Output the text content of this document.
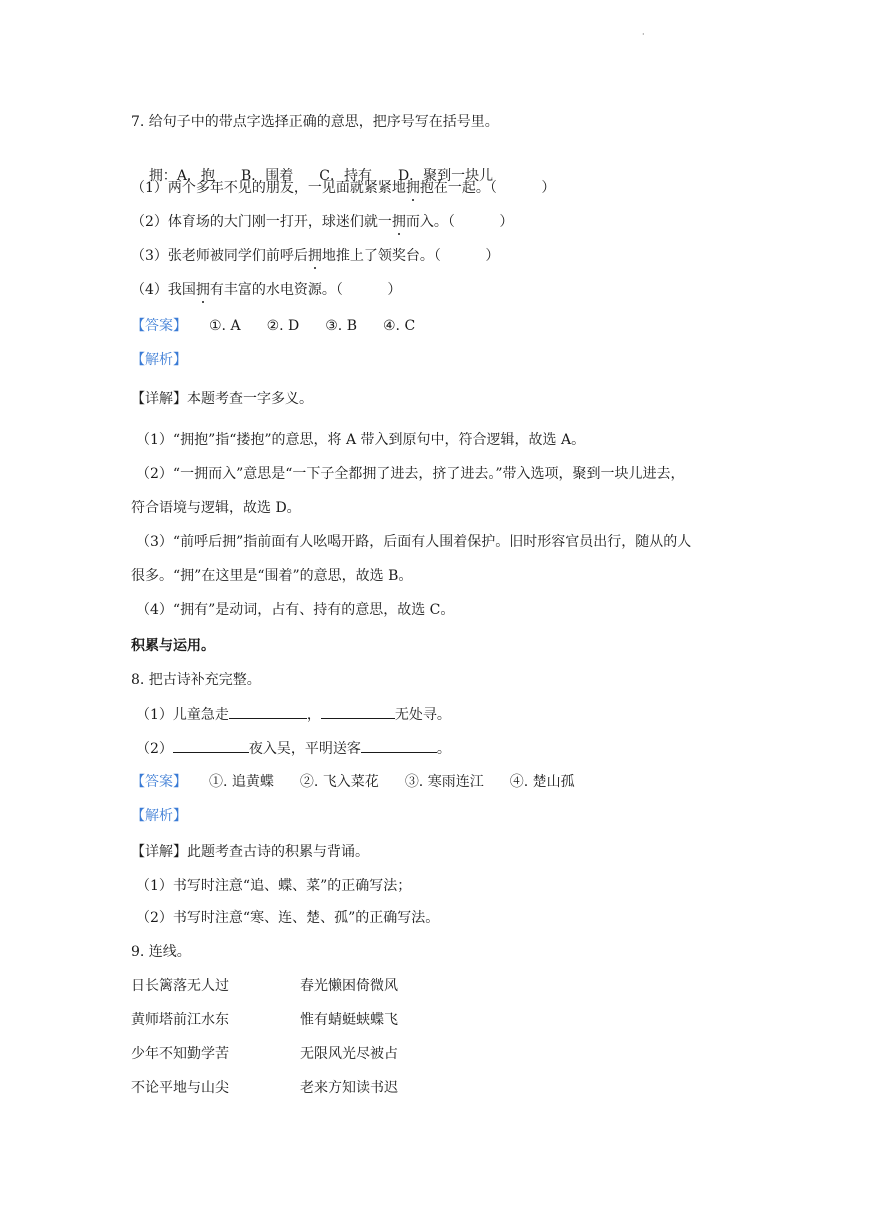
·
7. 给句子中的带点字选择正确的意思，把序号写在括号里。

拥：A．抱 B．围着 C．持有 D．聚到一块儿

（1）两个多年不见的朋友，一见面就紧紧地拥抱在一起。（          ）
（2）体育场的大门刚一打开，球迷们就一拥而入。（          ）
（3）张老师被同学们前呼后拥地推上了领奖台。（          ）
（4）我国拥有丰富的水电资源。（          ）
【答案】 ①. A ②. D ③. B ④. C
【解析】
【详解】本题考查一字多义。
（1）“拥抱”指“搂抱”的意思，将 A 带入到原句中，符合逻辑，故选 A。
（2）“一拥而入”意思是“一下子全都拥了进去，挤了进去。”带入选项，聚到一块儿进去，
符合语境与逻辑，故选 D。
（3）“前呼后拥”指前面有人吆喝开路，后面有人围着保护。旧时形容官员出行，随从的人
很多。“拥”在这里是“围着”的意思，故选 B。
（4）“拥有”是动词，占有、持有的意思，故选 C。
积累与运用。
8. 把古诗补充完整。
（1）儿童急走	，	无处寻。
（2）	夜入吴，平明送客	。
【答案】 ①. 追黄蝶 ②. 飞入菜花 ③. 寒雨连江 ④. 楚山孤
【解析】
【详解】此题考查古诗的积累与背诵。
（1）书写时注意“追、蝶、菜”的正确写法；
（2）书写时注意“寒、连、楚、孤”的正确写法。
9. 连线。
日长篱落无人过	春光懒困倚微风
黄师塔前江水东	惟有蜻蜓蛱蝶飞
少年不知勤学苦	无限风光尽被占
不论平地与山尖	老来方知读书迟
